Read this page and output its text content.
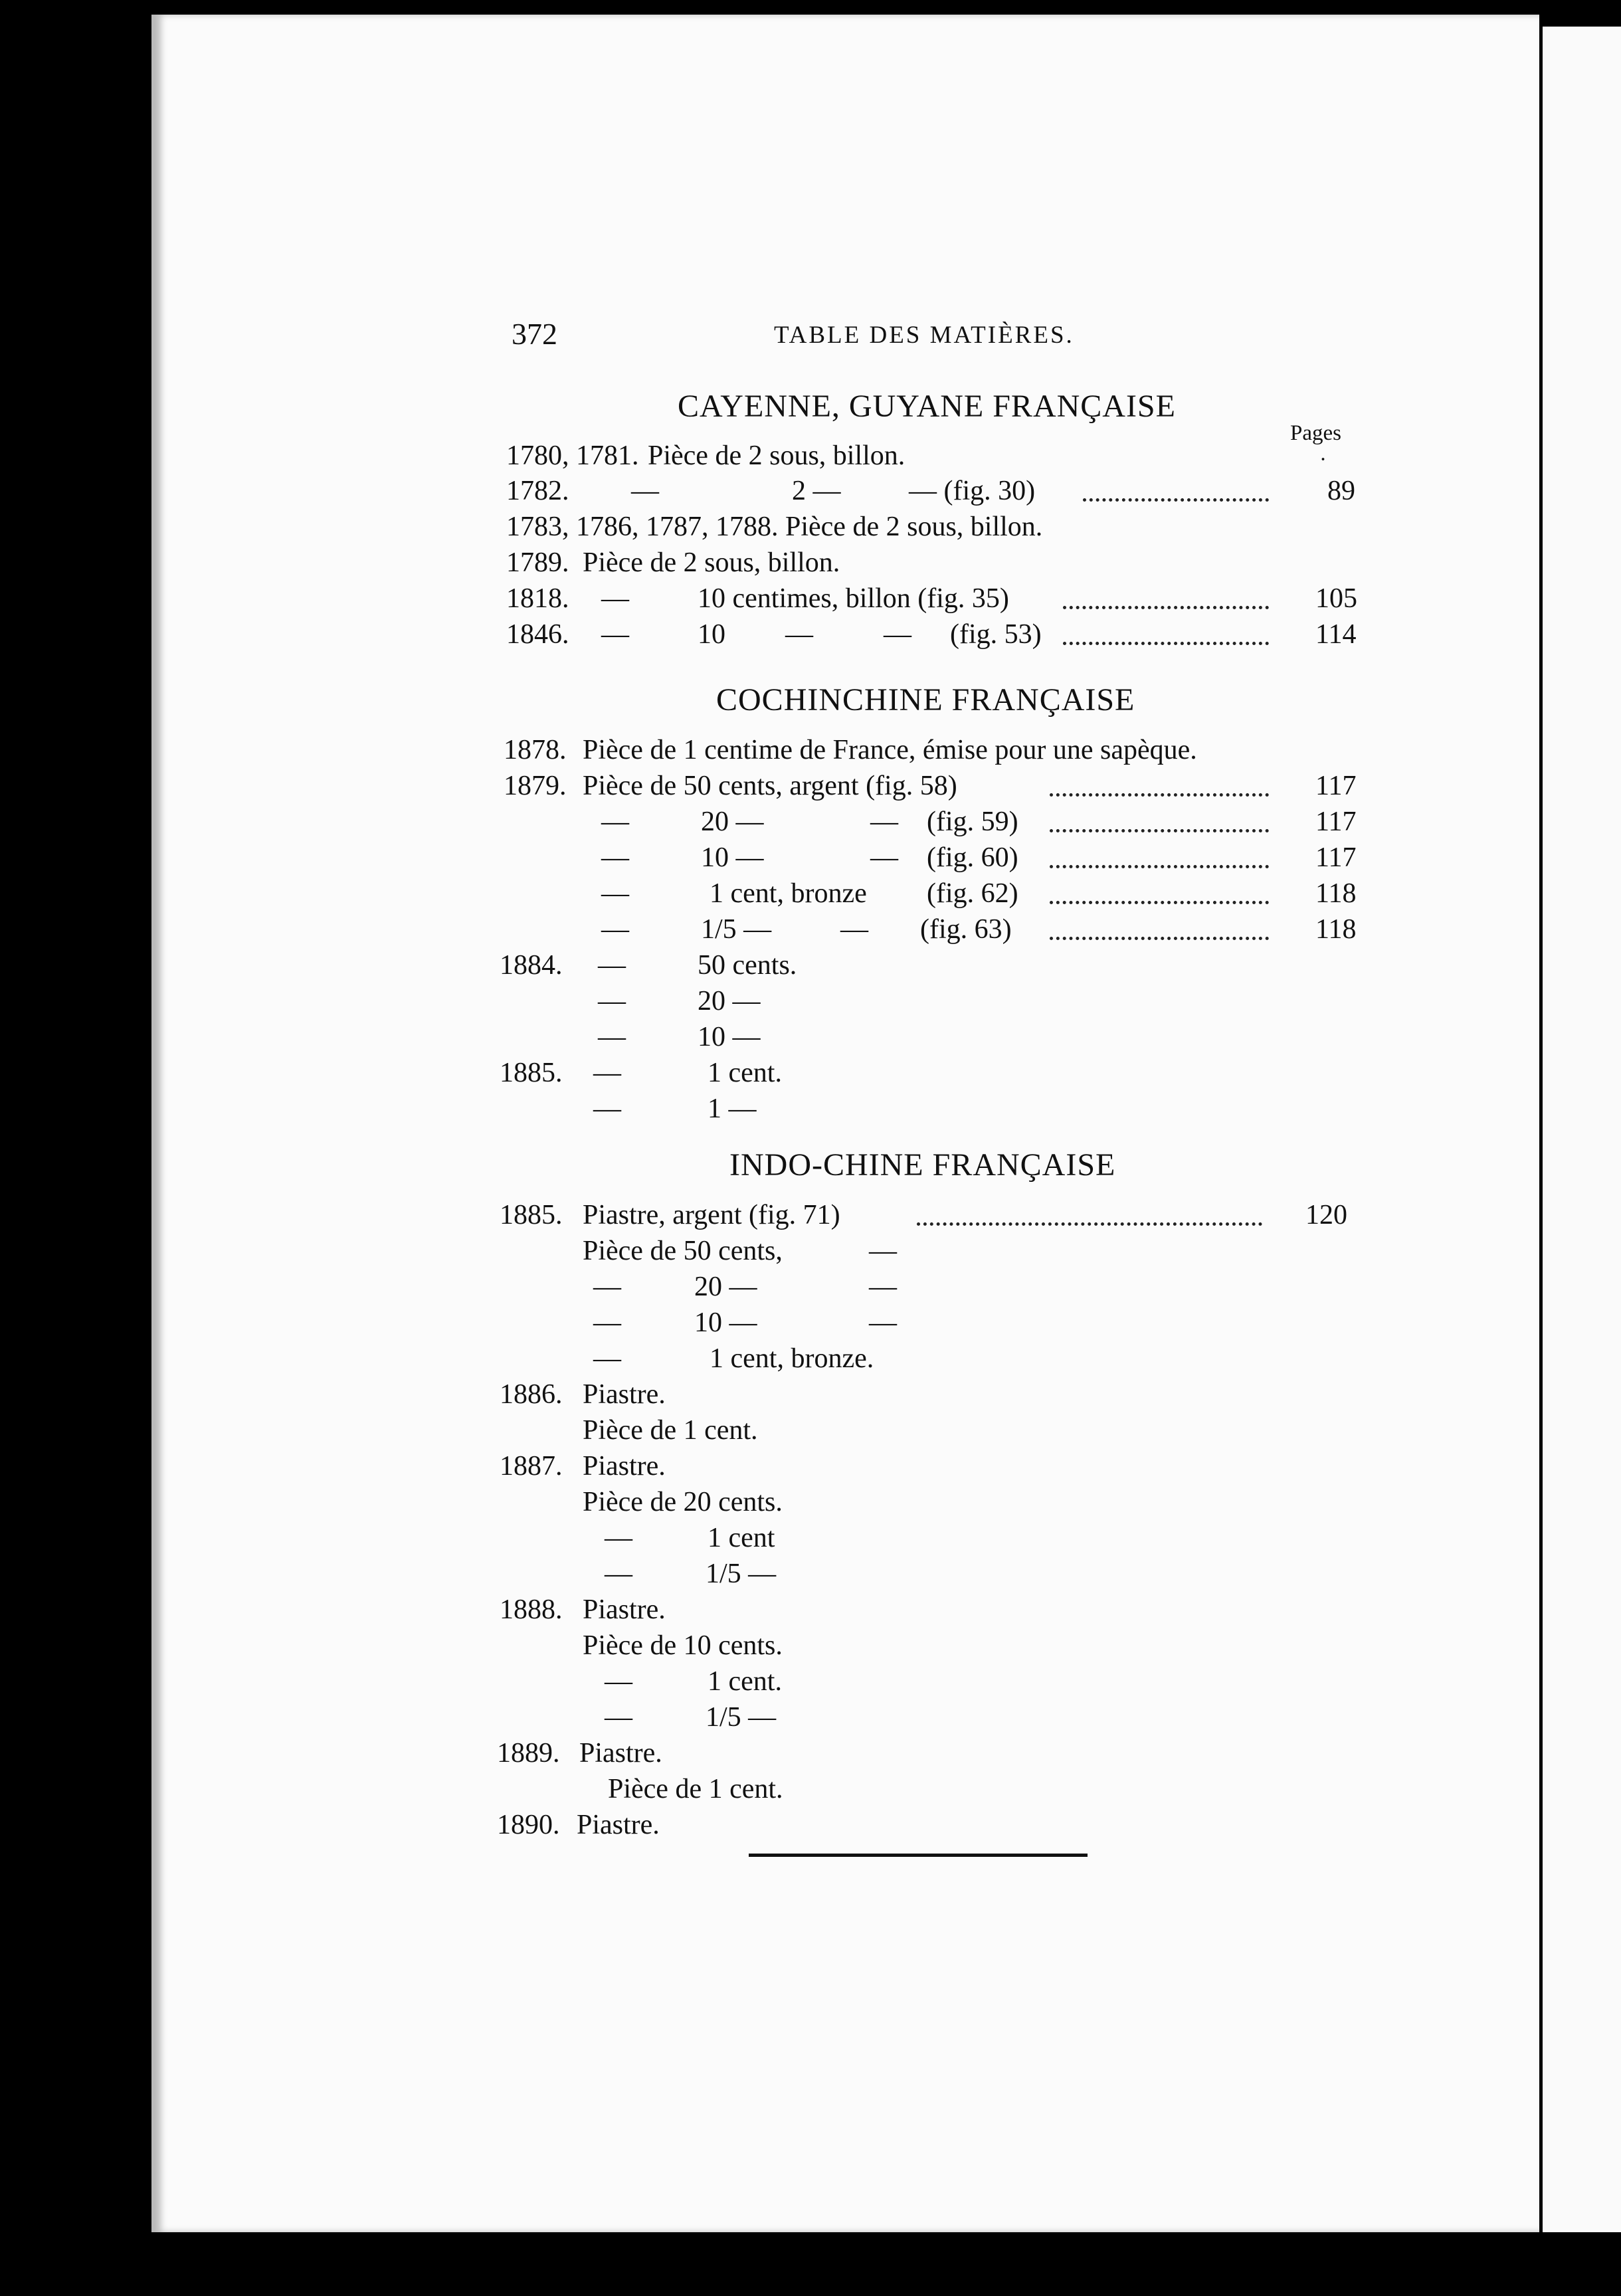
372	TABLE DES MATIÈRES.
CAYENNE, GUYANE FRANÇAISE
Pages
·
1780, 1781. Pièce de 2 sous, billon.
1782. —	2 — — (fig. 30)	89
1783, 1786, 1787, 1788. Pièce de 2 sous, billon.
1789. Pièce de 2 sous, billon.
1818. — 10 centimes, billon (fig. 35)	105
1846. — 10 —	— (fig. 53)	114
COCHINCHINE FRANÇAISE
1878. Pièce de 1 centime de France, émise pour une sapèque.
1879. Pièce de 50 cents, argent (fig. 58)	117
—	20 —	— (fig. 59)	117
—	10 —	— (fig. 60)	117
—	1 cent, bronze (fig. 62)	118
—	1/5 — — (fig. 63)	118
1884. —	50 cents.
—	20 —
—	10 —
1885. —	1 cent.
—	1 —
INDO-CHINE FRANÇAISE
1885. Piastre, argent (fig. 71)	120
Pièce de 50 cents,	—
—	20 —	—
—	10 —	—
—	1 cent, bronze.
1886. Piastre.
Pièce de 1 cent.
1887. Piastre.
Pièce de 20 cents.
—	1 cent
—	1/5 —
1888. Piastre.
Pièce de 10 cents.
—	1 cent.
—	1/5 —
1889. Piastre.
Pièce de 1 cent.
1890. Piastre.
